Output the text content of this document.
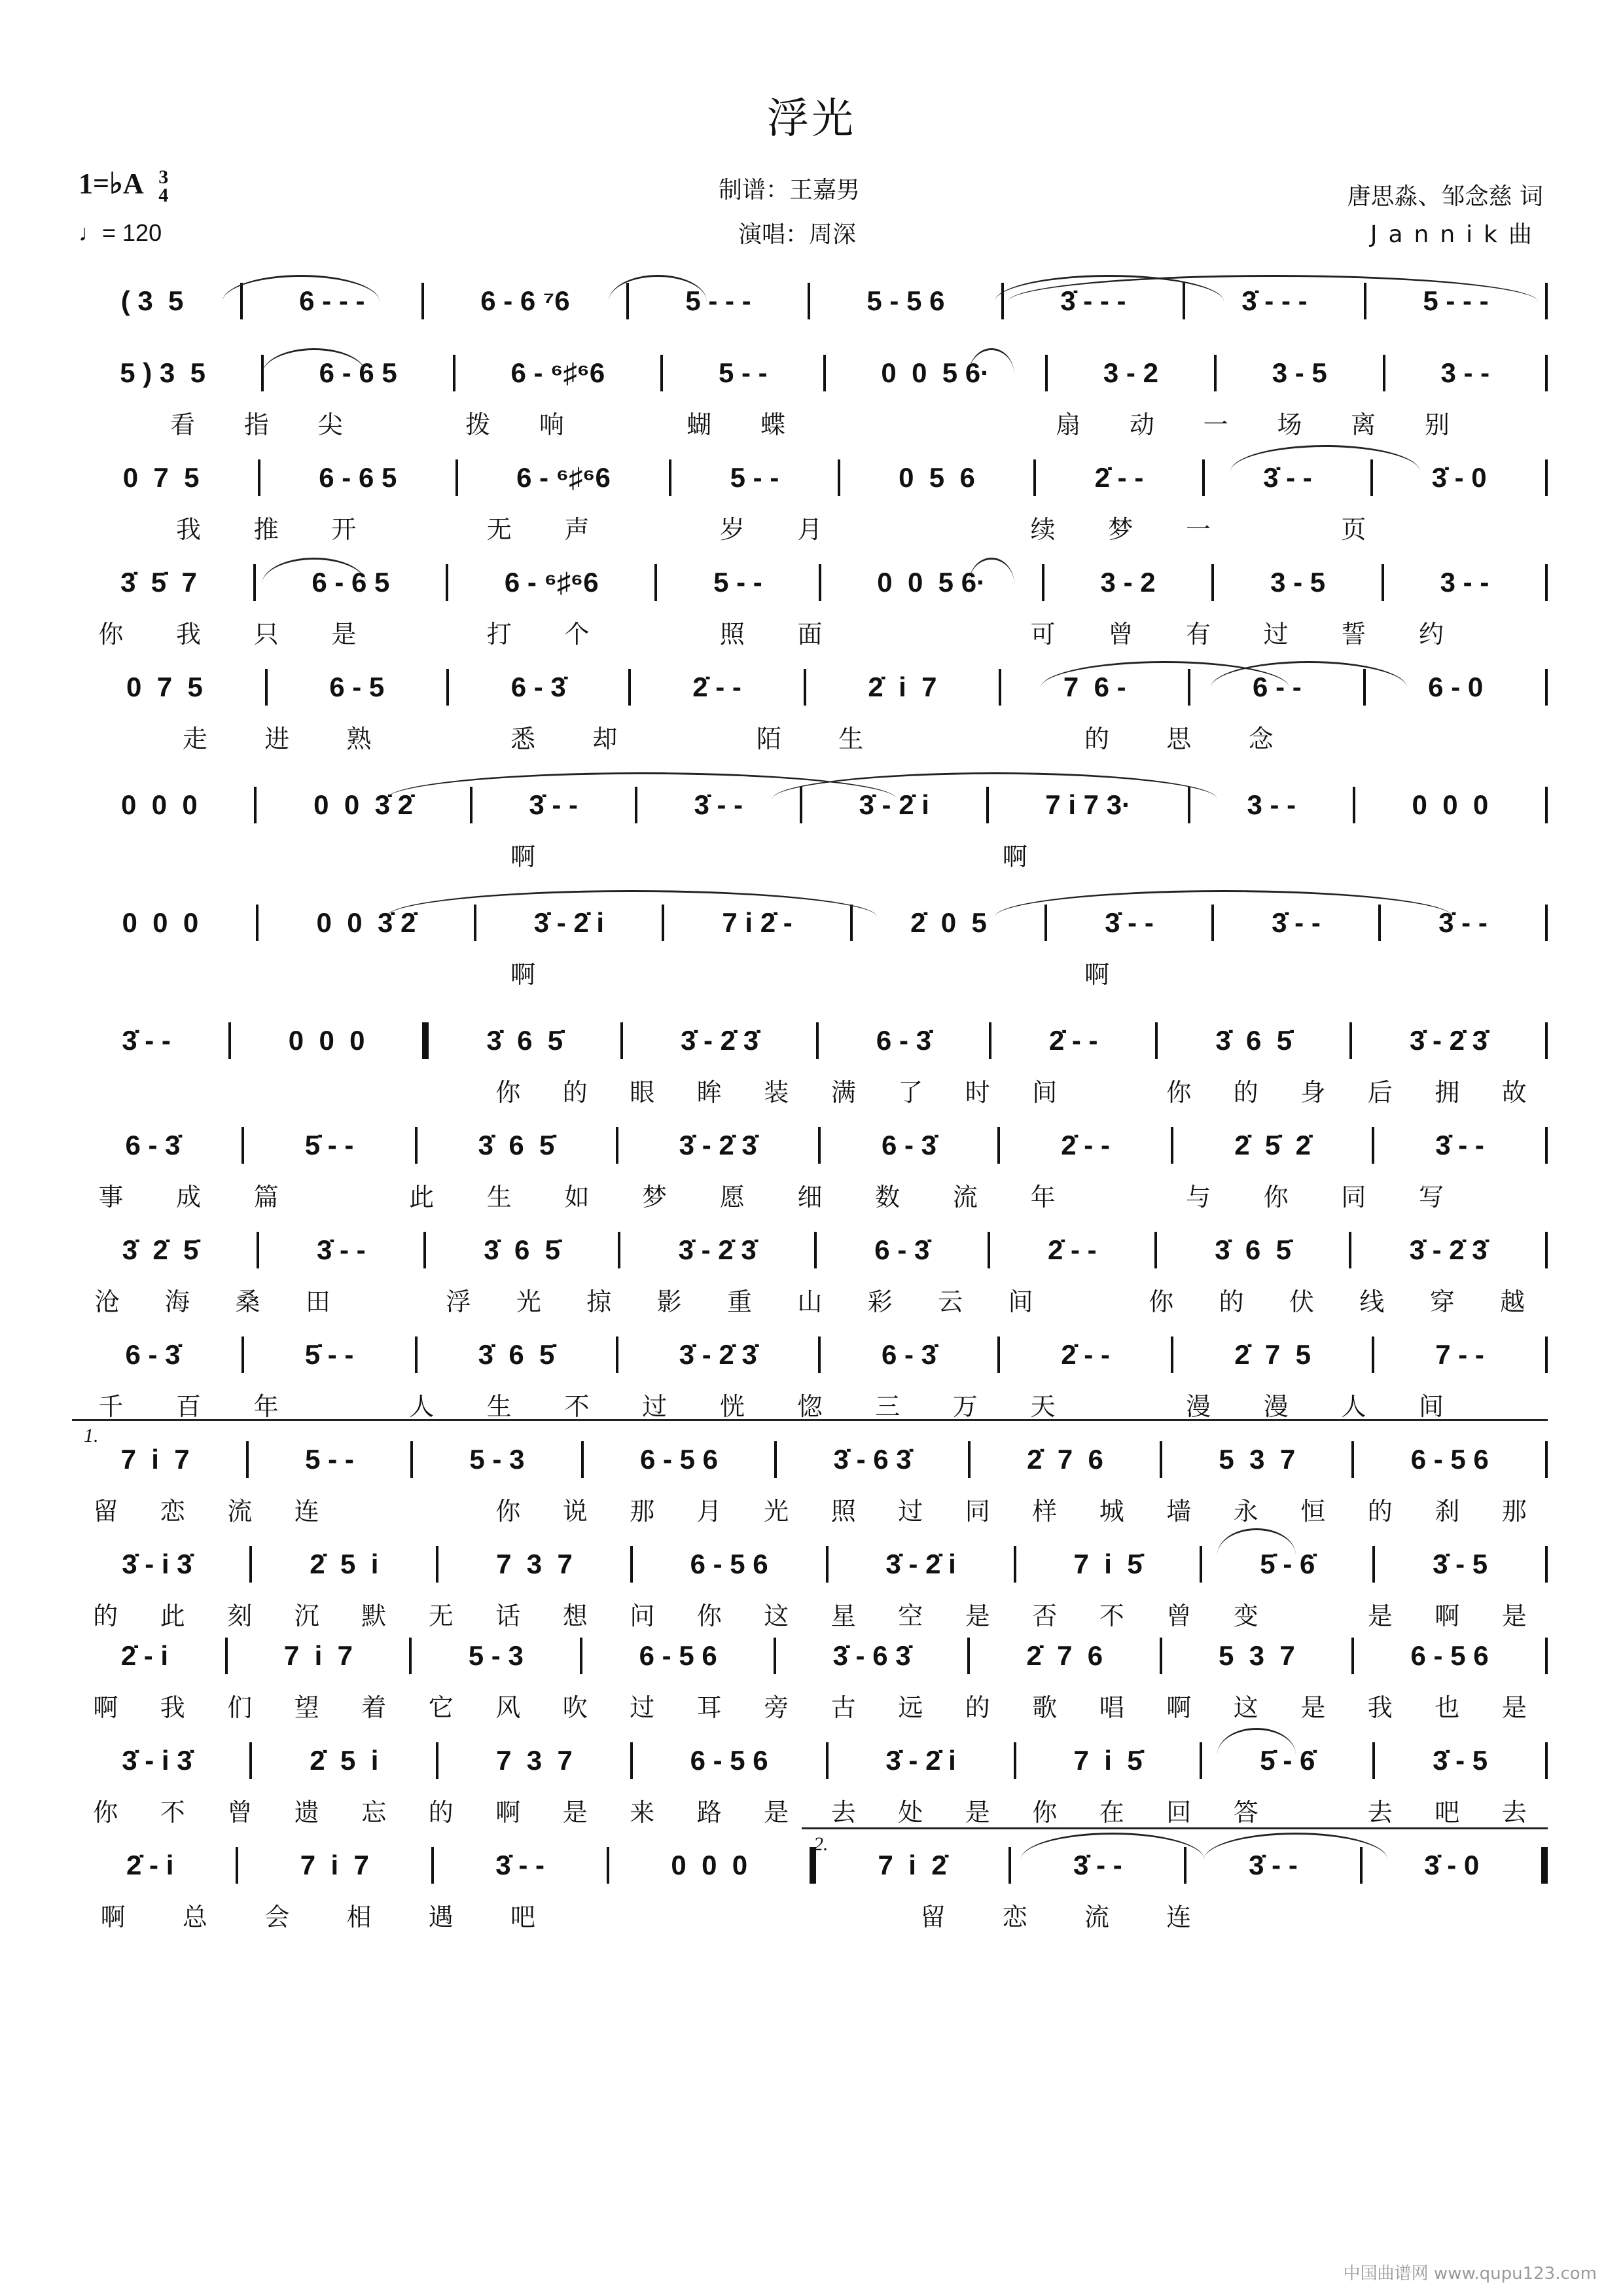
浮光
1=♭A 3
4
♩= 120
制谱：王嘉男
演唱：周深
唐思淼、邹念慈 词
Jannik曲
( 3  5	6 - - -	6 - 6 ⁷6	5 - - -	5 - 5 6	3̇ - - -	3̇ - - -	5 - - -
5 ) 3  5	6 - 6 5	6 - ⁶♯⁶6	5 - -	0  0  5 6·	3 - 2	3 - 5	3 - -
看	指	尖	拨	响	蝴	蝶	扇	动	一	场	离	别
0  7  5	6 - 6 5	6 - ⁶♯⁶6	5 - -	0  5  6	2̇ - -	3̇ - -	3̇ - 0
我	推	开	无	声	岁	月	续	梦	一	页
3̇  5̇  7	6 - 6 5	6 - ⁶♯⁶6	5 - -	0  0  5 6·	3 - 2	3 - 5	3 - -
你	我	只	是	打	个	照	面	可	曾	有	过	誓	约
0  7  5	6 - 5	6 - 3̇	2̇ - -	2̇  i  7	7  6 -	6 - -	6 - 0
走	进	熟	悉	却	陌	生	的	思	念
0  0  0	0  0  3̇ 2̇	3̇ - -	3̇ - -	3̇ - 2̇ i	7 i 7 3·	3 - -	0  0  0
啊	啊
0  0  0	0  0  3̇ 2̇	3̇ - 2̇ i	7 i 2̇ -	2̇  0  5	3̇ - -	3̇ - -	3̇ - -
啊	啊
3̇ - -	0  0  0	3̇  6  5̇	3̇ - 2̇ 3̇	6 - 3̇	2̇ - -	3̇  6  5̇	3̇ - 2̇ 3̇
你	的	眼	眸	装	满	了	时	间	你	的	身	后	拥	故
6 - 3̇	5̇ - -	3̇  6  5̇	3̇ - 2̇ 3̇	6 - 3̇	2̇ - -	2̇  5̇  2̇	3̇ - -
事	成	篇	此	生	如	梦	愿	细	数	流	年	与	你	同	写
3̇  2̇  5̇	3̇ - -	3̇  6  5̇	3̇ - 2̇ 3̇	6 - 3̇	2̇ - -	3̇  6  5̇	3̇ - 2̇ 3̇
沧	海	桑	田	浮	光	掠	影	重	山	彩	云	间	你	的	伏	线	穿	越
6 - 3̇	5̇ - -	3̇  6  5̇	3̇ - 2̇ 3̇	6 - 3̇	2̇ - -	2̇  7  5	7 - -
千	百	年	人	生	不	过	恍	惚	三	万	天	漫	漫	人	间
7  i  7	5 - -	5 - 3	6 - 5 6	3̇ - 6 3̇	2̇  7  6	5  3  7	6 - 5 6
留	恋	流	连	你	说	那	月	光	照	过	同	样	城	墙	永	恒	的	刹	那
3̇ - i 3̇	2̇  5  i	7  3  7	6 - 5 6	3̇ - 2̇ i	7  i  5̇	5̇ - 6̇	3̇ - 5
的	此	刻	沉	默	无	话	想	问	你	这	星	空	是	否	不	曾	变	是	啊	是
2̇ - i	7  i  7	5 - 3	6 - 5 6	3̇ - 6 3̇	2̇  7  6	5  3  7	6 - 5 6
啊	我	们	望	着	它	风	吹	过	耳	旁	古	远	的	歌	唱	啊	这	是	我	也	是
3̇ - i 3̇	2̇  5  i	7  3  7	6 - 5 6	3̇ - 2̇ i	7  i  5̇	5̇ - 6̇	3̇ - 5
你	不	曾	遗	忘	的	啊	是	来	路	是	去	处	是	你	在	回	答	去	吧	去
2̇ - i	7  i  7	3̇ - -	0  0  0	7  i  2̇	3̇ - -	3̇ - -	3̇ - 0
啊	总	会	相	遇	吧	留	恋	流	连
1.
2.
中国曲谱网 www.qupu123.com
